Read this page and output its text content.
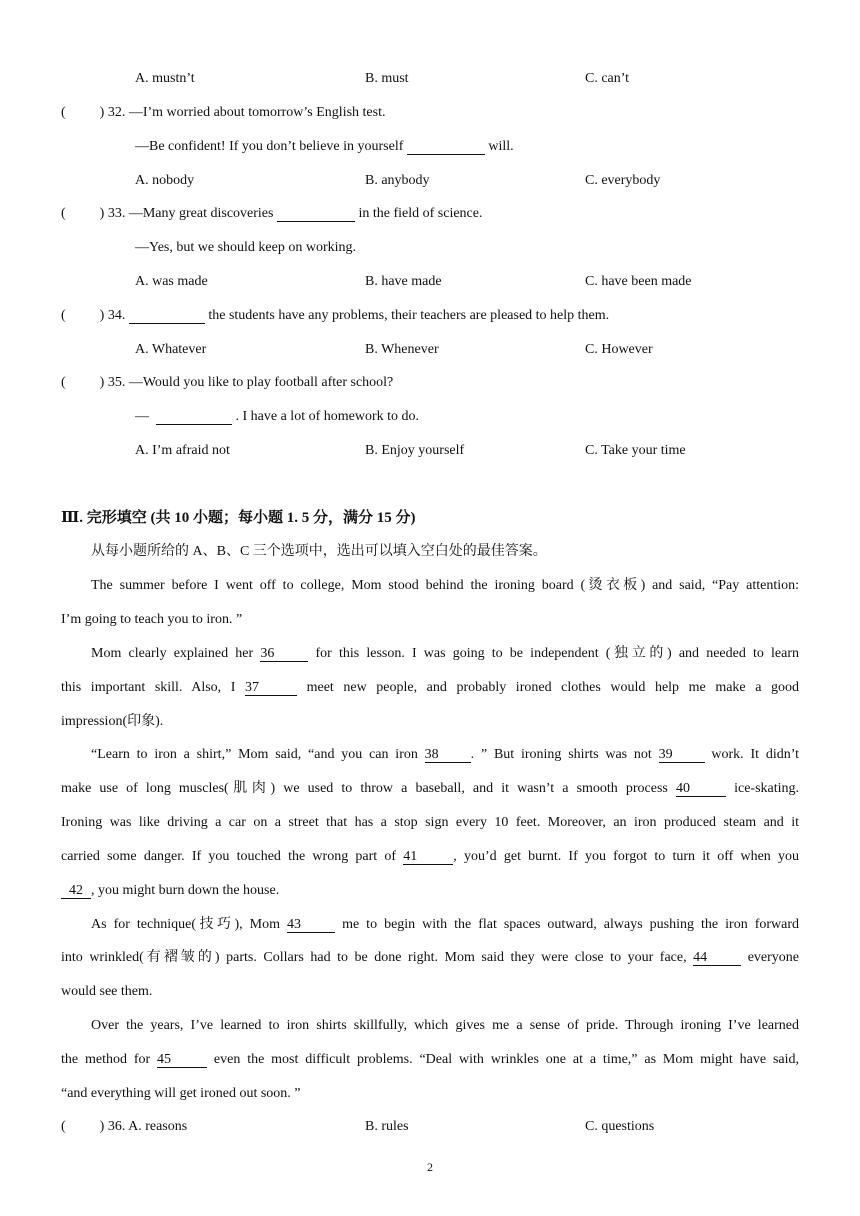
A. mustn’t	B. must	C. can’t
( ) 32. —I’m worried about tomorrow’s English test.
—Be confident! If you don’t believe in yourself	will.
A. nobody	B. anybody	C. everybody
( ) 33. —Many great discoveries	in the field of science.
—Yes, but we should keep on working.
A. was made	B. have made	C. have been made
( ) 34.	the students have any problems, their teachers are pleased to help them.
A. Whatever	B. Whenever	C. However
( ) 35. —Would you like to play football after school?
—	. I have a lot of homework to do.
A. I’m afraid not	B. Enjoy yourself	C. Take your time
Ⅲ. 完形填空 (共 10 小题；每小题 1. 5 分，满分 15 分)
从每小题所给的 A、B、C 三个选项中，选出可以填入空白处的最佳答案。
The summer before I went off to college, Mom stood behind the ironing board (烫衣板) and said, “Pay attention:
I’m going to teach you to iron. ”
Mom clearly explained her 36	for this lesson. I was going to be independent (独立的) and needed to learn
this important skill. Also, I 37	meet new people, and probably ironed clothes would help me make a good
impression(印象).
“Learn to iron a shirt,” Mom said, “and you can iron 38 . ” But ironing shirts was not 39	work. It didn’t
make use of long muscles(肌肉) we used to throw a baseball, and it wasn’t a smooth process 40	ice-skating.
Ironing was like driving a car on a street that has a stop sign every 10 feet. Moreover, an iron produced steam and it
carried some danger. If you touched the wrong part of 41	, you’d get burnt. If you forgot to turn it off when you
42 , you might burn down the house.
As for technique(技巧), Mom 43	me to begin with the flat spaces outward, always pushing the iron forward
into wrinkled(有褶皱的) parts. Collars had to be done right. Mom said they were close to your face, 44	everyone
would see them.
Over the years, I’ve learned to iron shirts skillfully, which gives me a sense of pride. Through ironing I’ve learned
the method for 45	even the most difficult problems. “Deal with wrinkles one at a time,” as Mom might have said,
“and everything will get ironed out soon. ”
( ) 36. A. reasons	B. rules	C. questions
2
